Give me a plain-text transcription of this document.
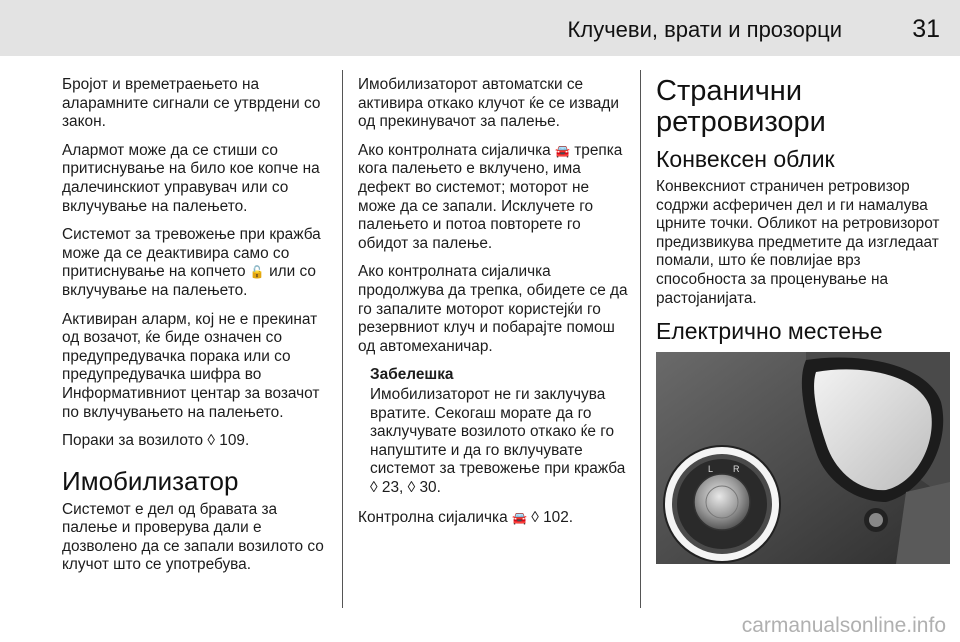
Клучеви, врати и прозорци	31

Бројот и времетраењето на аларамните сигнали се утврдени со закон.

Алармот може да се стиши со притиснување на било кое копче на далечинскиот управувач или со вклучување на палењето.

Системот за тревожење при кражба може да се деактивира само со притиснување на копчето 🔓 или со вклучување на палењето.

Активиран аларм, кој не е прекинат од возачот, ќе биде означен со предупредувачка порака или со предупредувачка шифра во Информативниот центар за возачот по вклучувањето на палењето.

Пораки за возилото ◊ 109.

Имобилизатор

Системот е дел од бравата за палење и проверува дали е дозволено да се запали возилото со клучот што се употребува.

Имобилизаторот автоматски се активира откако клучот ќе се извади од прекинувачот за палење.

Ако контролната сијаличка 🚘 трепка кога палењето е вклучено, има дефект во системот; моторот не може да се запали. Исклучете го палењето и потоа повторете го обидот за палење.

Ако контролната сијаличка продолжува да трепка, обидете се да го запалите моторот користејќи го резервниот клуч и побарајте помош од автомеханичар.

Забелешка
Имобилизаторот не ги заклучува вратите. Секогаш морате да го заклучувате возилото откако ќе го напуштите и да го вклучувате системот за тревожење при кражба ◊ 23, ◊ 30.

Контролна сијаличка 🚘 ◊ 102.

Странични ретровизори
Конвексен облик

Конвексниот страничен ретровизор содржи асферичен дел и ги намалува црните точки. Обликот на ретровизорот предизвикува предметите да изгледаат помали, што ќе повлијае врз способноста за проценувањe на растојанијата.

Електрично местење
L R
carmanualsonline.info
